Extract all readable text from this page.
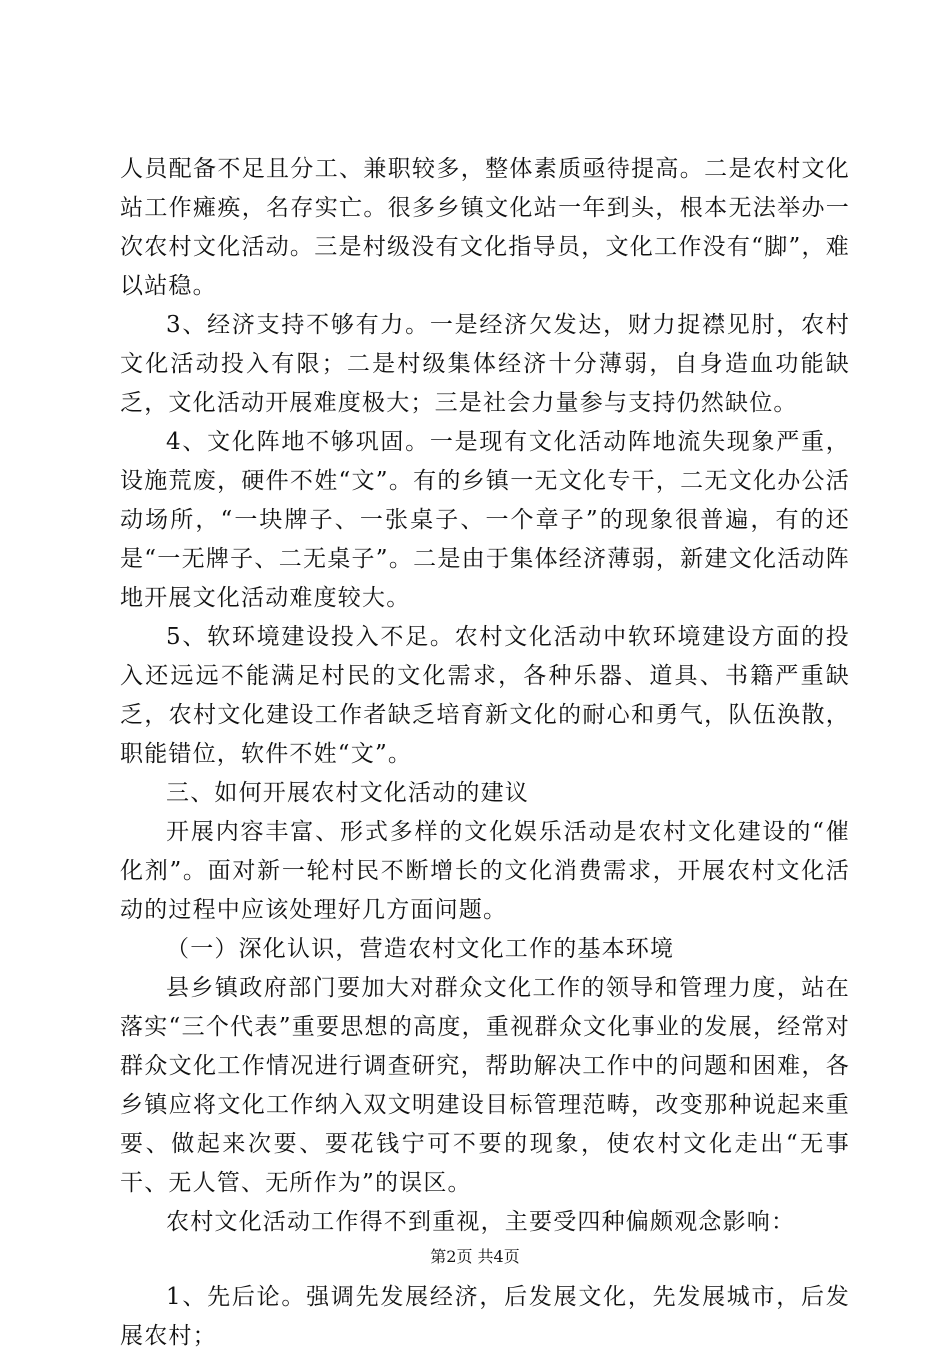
人员配备不足且分工、兼职较多，整体素质亟待提高。二是农村文化站工作瘫痪，名存实亡。很多乡镇文化站一年到头，根本无法举办一次农村文化活动。三是村级没有文化指导员，文化工作没有“脚”，难以站稳。

3、经济支持不够有力。一是经济欠发达，财力捉襟见肘，农村文化活动投入有限；二是村级集体经济十分薄弱，自身造血功能缺乏，文化活动开展难度极大；三是社会力量参与支持仍然缺位。

4、文化阵地不够巩固。一是现有文化活动阵地流失现象严重，设施荒废，硬件不姓“文”。有的乡镇一无文化专干，二无文化办公活动场所，“一块牌子、一张桌子、一个章子”的现象很普遍，有的还是“一无牌子、二无桌子”。二是由于集体经济薄弱，新建文化活动阵地开展文化活动难度较大。

5、软环境建设投入不足。农村文化活动中软环境建设方面的投入还远远不能满足村民的文化需求，各种乐器、道具、书籍严重缺乏，农村文化建设工作者缺乏培育新文化的耐心和勇气，队伍涣散，职能错位，软件不姓“文”。

三、如何开展农村文化活动的建议

开展内容丰富、形式多样的文化娱乐活动是农村文化建设的“催化剂”。面对新一轮村民不断增长的文化消费需求，开展农村文化活动的过程中应该处理好几方面问题。

（一）深化认识，营造农村文化工作的基本环境

县乡镇政府部门要加大对群众文化工作的领导和管理力度，站在落实“三个代表”重要思想的高度，重视群众文化事业的发展，经常对群众文化工作情况进行调查研究，帮助解决工作中的问题和困难，各乡镇应将文化工作纳入双文明建设目标管理范畴，改变那种说起来重要、做起来次要、要花钱宁可不要的现象，使农村文化走出“无事干、无人管、无所作为”的误区。

农村文化活动工作得不到重视，主要受四种偏颇观念影响：

1、先后论。强调先发展经济，后发展文化，先发展城市，后发展农村；

第2页 共4页
